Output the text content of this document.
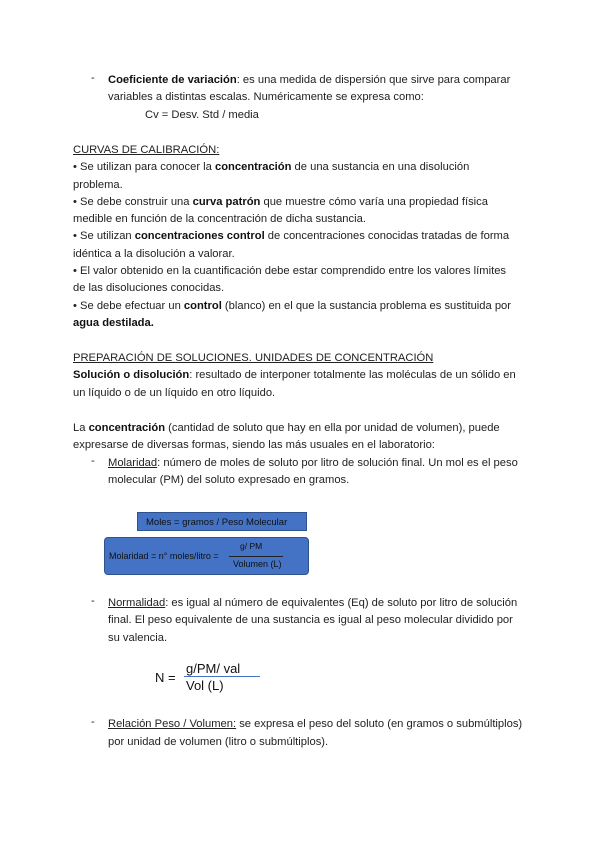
- Coeficiente de variación: es una medida de dispersión que sirve para comparar
variables a distintas escalas. Numéricamente se expresa como:
Cv = Desv. Std / media
CURVAS DE CALIBRACIÓN:
• Se utilizan para conocer la concentración de una sustancia en una disolución
problema.
• Se debe construir una curva patrón que muestre cómo varía una propiedad física
medible en función de la concentración de dicha sustancia.
• Se utilizan concentraciones control de concentraciones conocidas tratadas de forma
idéntica a la disolución a valorar.
• El valor obtenido en la cuantificación debe estar comprendido entre los valores límites
de las disoluciones conocidas.
• Se debe efectuar un control (blanco) en el que la sustancia problema es sustituida por
agua destilada.
PREPARACIÓN DE SOLUCIONES. UNIDADES DE CONCENTRACIÓN
Solución o disolución: resultado de interponer totalmente las moléculas de un sólido en
un líquido o de un líquido en otro líquido.
La concentración (cantidad de soluto que hay en ella por unidad de volumen), puede
expresarse de diversas formas, siendo las más usuales en el laboratorio:
- Molaridad: número de moles de soluto por litro de solución final. Un mol es el peso
molecular (PM) del soluto expresado en gramos.
Moles = gramos / Peso Molecular
Molaridad = n° moles/litro =
g/ PM
Volumen (L)
- Normalidad: es igual al número de equivalentes (Eq) de soluto por litro de solución
final. El peso equivalente de una sustancia es igual al peso molecular dividido por
su valencia.
N =
g/PM/ val
Vol (L)
- Relación Peso / Volumen: se expresa el peso del soluto (en gramos o submúltiplos)
por unidad de volumen (litro o submúltiplos).
